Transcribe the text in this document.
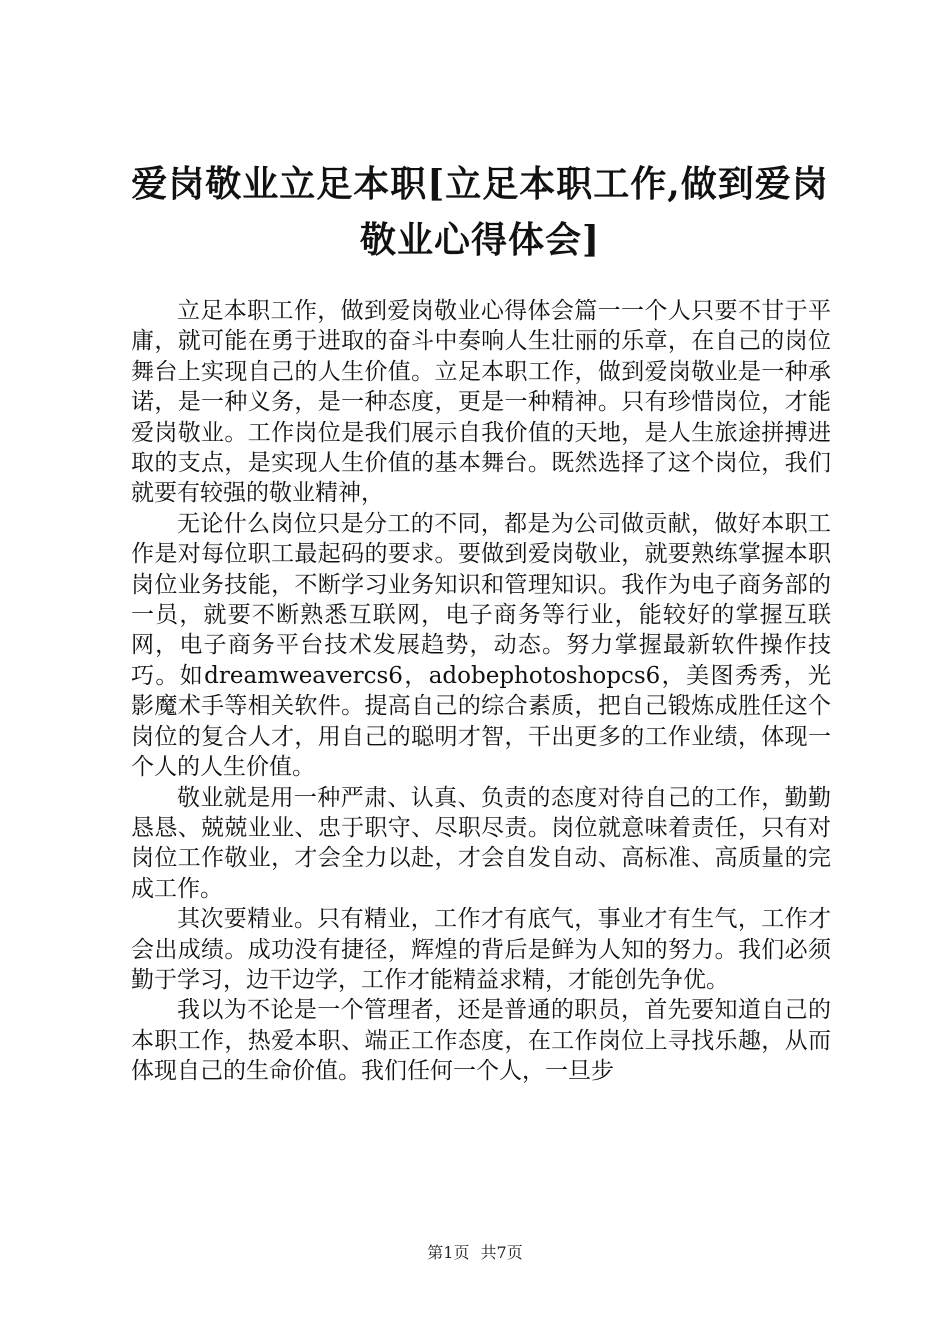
爱岗敬业立足本职[立足本职工作,做到爱岗敬业心得体会]

立足本职工作，做到爱岗敬业心得体会篇一一个人只要不甘于平庸，就可能在勇于进取的奋斗中奏响人生壮丽的乐章，在自己的岗位舞台上实现自己的人生价值。立足本职工作，做到爱岗敬业是一种承诺，是一种义务，是一种态度，更是一种精神。只有珍惜岗位，才能爱岗敬业。工作岗位是我们展示自我价值的天地，是人生旅途拼搏进取的支点，是实现人生价值的基本舞台。既然选择了这个岗位，我们就要有较强的敬业精神，

无论什么岗位只是分工的不同，都是为公司做贡献，做好本职工作是对每位职工最起码的要求。要做到爱岗敬业，就要熟练掌握本职岗位业务技能，不断学习业务知识和管理知识。我作为电子商务部的一员，就要不断熟悉互联网，电子商务等行业，能较好的掌握互联网，电子商务平台技术发展趋势，动态。努力掌握最新软件操作技巧。如dreamweavercs6，adobephotoshopcs6，美图秀秀，光影魔术手等相关软件。提高自己的综合素质，把自己锻炼成胜任这个岗位的复合人才，用自己的聪明才智，干出更多的工作业绩，体现一个人的人生价值。

敬业就是用一种严肃、认真、负责的态度对待自己的工作，勤勤恳恳、兢兢业业、忠于职守、尽职尽责。岗位就意味着责任，只有对岗位工作敬业，才会全力以赴，才会自发自动、高标准、高质量的完成工作。

其次要精业。只有精业，工作才有底气，事业才有生气，工作才会出成绩。成功没有捷径，辉煌的背后是鲜为人知的努力。我们必须勤于学习，边干边学，工作才能精益求精，才能创先争优。

我以为不论是一个管理者，还是普通的职员，首先要知道自己的本职工作，热爱本职、端正工作态度，在工作岗位上寻找乐趣，从而体现自己的生命价值。我们任何一个人，一旦步

第1页 共7页
